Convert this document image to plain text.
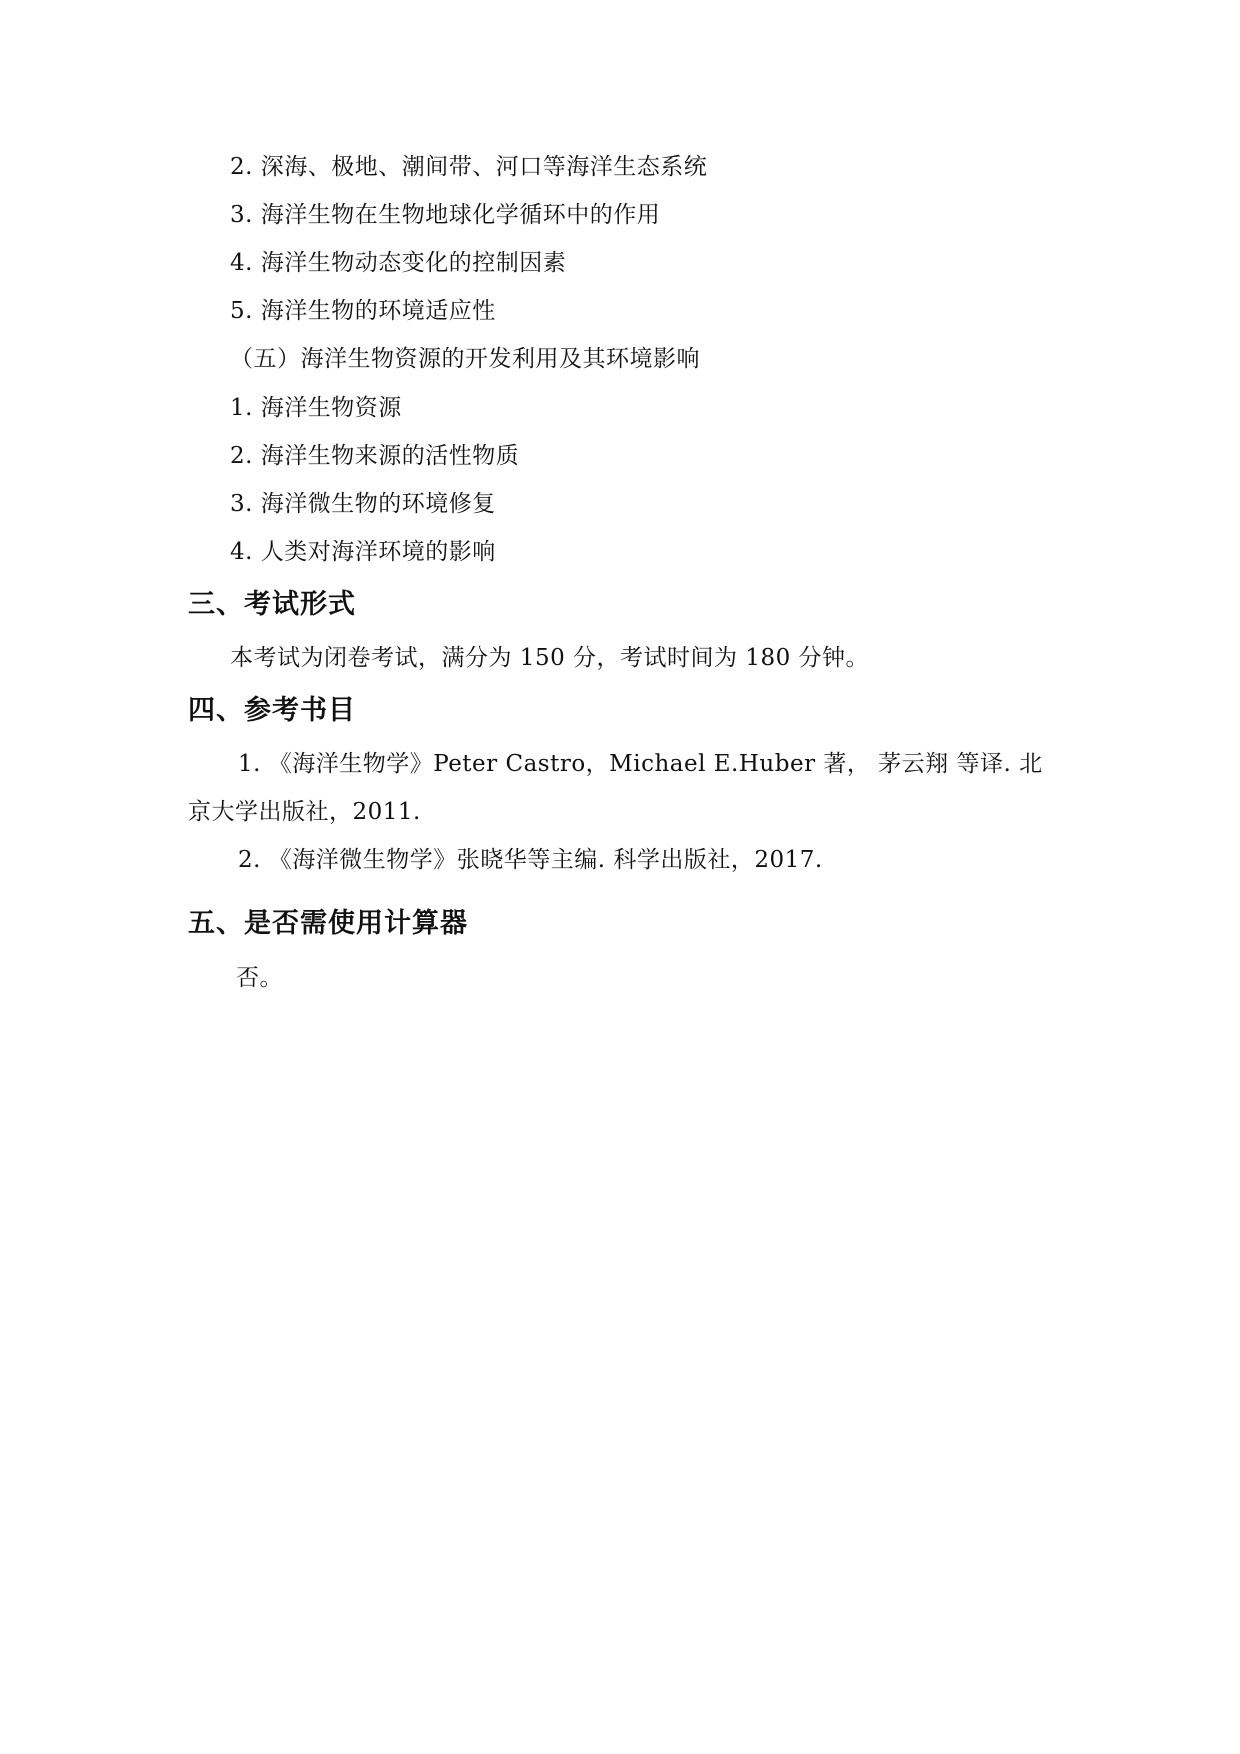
2. 深海、极地、潮间带、河口等海洋生态系统
3. 海洋生物在生物地球化学循环中的作用
4. 海洋生物动态变化的控制因素
5. 海洋生物的环境适应性
（五）海洋生物资源的开发利用及其环境影响
1. 海洋生物资源
2. 海洋生物来源的活性物质
3. 海洋微生物的环境修复
4. 人类对海洋环境的影响
三、考试形式
本考试为闭卷考试，满分为 150 分，考试时间为 180 分钟。
四、参考书目
1. 《海洋生物学》Peter Castro，Michael E.Huber 著， 茅云翔 等译. 北
京大学出版社，2011.
2. 《海洋微生物学》张晓华等主编. 科学出版社，2017.
五、是否需使用计算器
否。
